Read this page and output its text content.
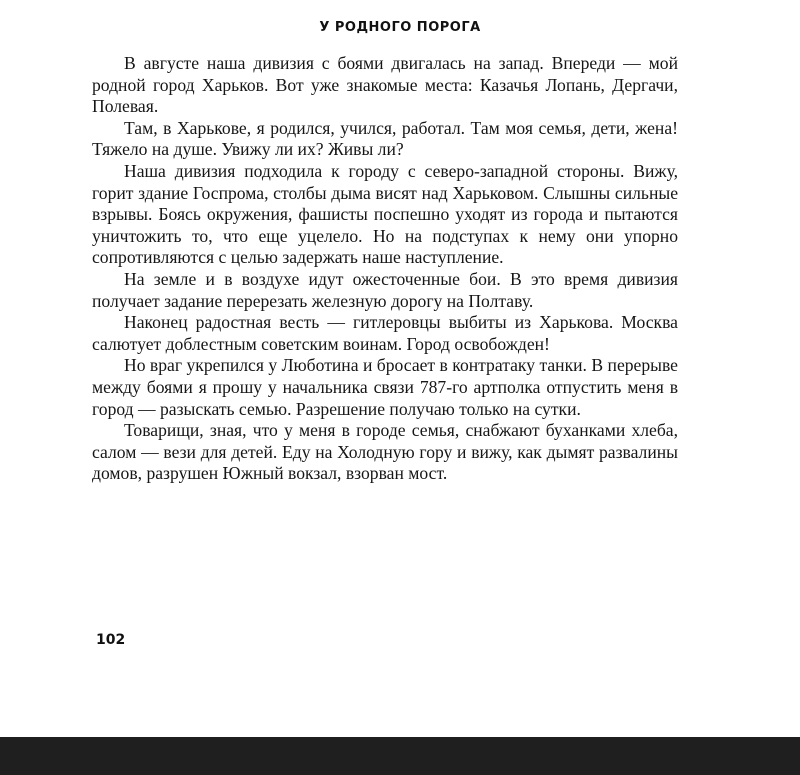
У РОДНОГО ПОРОГА

В августе наша дивизия с боями двигалась на запад. Впереди — мой родной город Харьков. Вот уже знакомые места: Казачья Лопань, Дергачи, Полевая.

Там, в Харькове, я родился, учился, работал. Там моя семья, дети, жена! Тяжело на душе. Увижу ли их? Живы ли?

Наша дивизия подходила к городу с северо-западной стороны. Вижу, горит здание Госпрома, столбы дыма висят над Харьковом. Слышны сильные взрывы. Боясь окружения, фашисты поспешно уходят из города и пытаются уничтожить то, что еще уцелело. Но на подступах к нему они упорно сопротивляются с целью задержать наше наступление.

На земле и в воздухе идут ожесточенные бои. В это время дивизия получает задание перерезать железную дорогу на Полтаву.

Наконец радостная весть — гитлеровцы выбиты из Харькова. Москва салютует доблестным советским воинам. Город освобожден!

Но враг укрепился у Люботина и бросает в контратаку танки. В перерыве между боями я прошу у начальника связи 787-го артполка отпустить меня в город — разыскать семью. Разрешение получаю только на сутки.

Товарищи, зная, что у меня в городе семья, снабжают буханками хлеба, салом — вези для детей. Еду на Холодную гору и вижу, как дымят развалины домов, разрушен Южный вокзал, взорван мост.

102
